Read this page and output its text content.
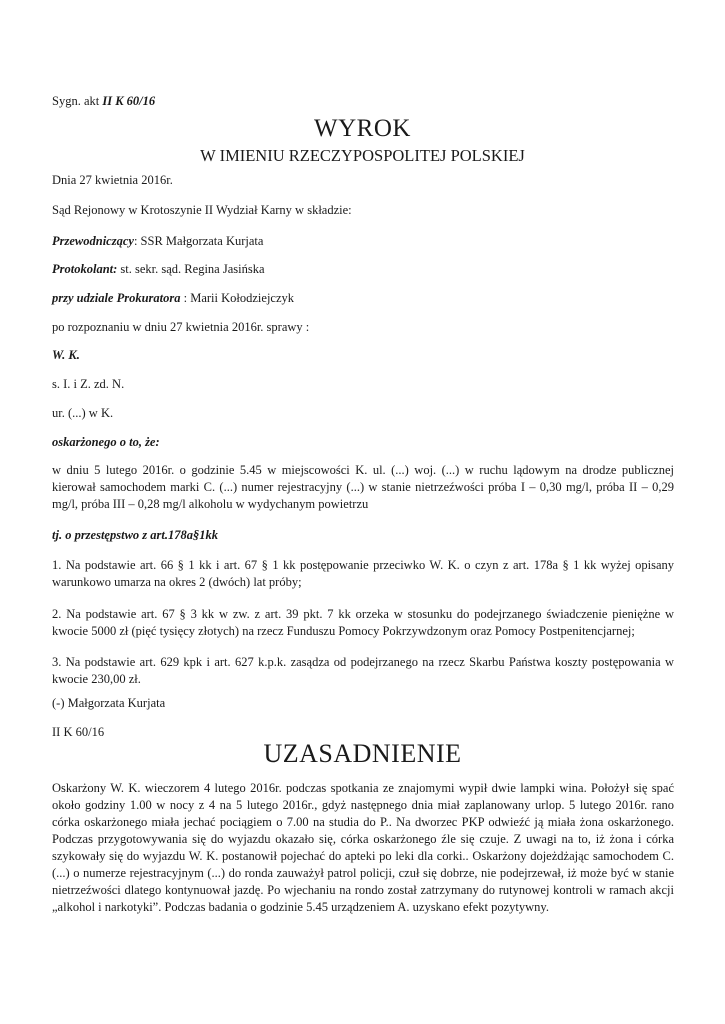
Sygn. akt II K 60/16

WYROK
W IMIENIU RZECZYPOSPOLITEJ POLSKIEJ

Dnia 27 kwietnia 2016r.

Sąd Rejonowy w Krotoszynie II Wydział Karny w składzie:

Przewodniczący: SSR Małgorzata Kurjata

Protokolant: st. sekr. sąd. Regina Jasińska

przy udziale Prokuratora : Marii Kołodziejczyk

po rozpoznaniu w dniu 27 kwietnia 2016r. sprawy :

W. K.

s. I. i Z. zd. N.

ur. (...) w K.

oskarżonego o to, że:

w dniu 5 lutego 2016r. o godzinie 5.45 w miejscowości K. ul. (...) woj. (...) w ruchu lądowym na drodze publicznej kierował samochodem marki C. (...) numer rejestracyjny (...) w stanie nietrzeźwości próba I – 0,30 mg/l, próba II – 0,29 mg/l, próba III – 0,28 mg/l alkoholu w wydychanym powietrzu

tj. o przestępstwo z art.178a§1kk

1. Na podstawie art. 66 § 1 kk i art. 67 § 1 kk postępowanie przeciwko W. K. o czyn z art. 178a § 1 kk wyżej opisany warunkowo umarza na okres 2 (dwóch) lat próby;

2. Na podstawie art. 67 § 3 kk w zw. z art. 39 pkt. 7 kk orzeka w stosunku do podejrzanego świadczenie pieniężne w kwocie 5000 zł (pięć tysięcy złotych) na rzecz Funduszu Pomocy Pokrzywdzonym oraz Pomocy Postpenitencjarnej;

3. Na podstawie art. 629 kpk i art. 627 k.p.k. zasądza od podejrzanego na rzecz Skarbu Państwa koszty postępowania w kwocie 230,00 zł.

(-) Małgorzata Kurjata

II K 60/16

UZASADNIENIE

Oskarżony W. K. wieczorem 4 lutego 2016r. podczas spotkania ze znajomymi wypił dwie lampki wina. Położył się spać około godziny 1.00 w nocy z 4 na 5 lutego 2016r., gdyż następnego dnia miał zaplanowany urlop. 5 lutego 2016r. rano córka oskarżonego miała jechać pociągiem o 7.00 na studia do P.. Na dworzec PKP odwieźć ją miała żona oskarżonego. Podczas przygotowywania się do wyjazdu okazało się, córka oskarżonego źle się czuje. Z uwagi na to, iż żona i córka szykowały się do wyjazdu W. K. postanowił pojechać do apteki po leki dla corki.. Oskarżony dojeżdżając samochodem C. (...) o numerze rejestracyjnym (...) do ronda zauważył patrol policji, czuł się dobrze, nie podejrzewał, iż może być w stanie nietrzeźwości dlatego kontynuował jazdę. Po wjechaniu na rondo został zatrzymany do rutynowej kontroli w ramach akcji „alkohol i narkotyki”. Podczas badania o godzinie 5.45 urządzeniem A. uzyskano efekt pozytywny.
